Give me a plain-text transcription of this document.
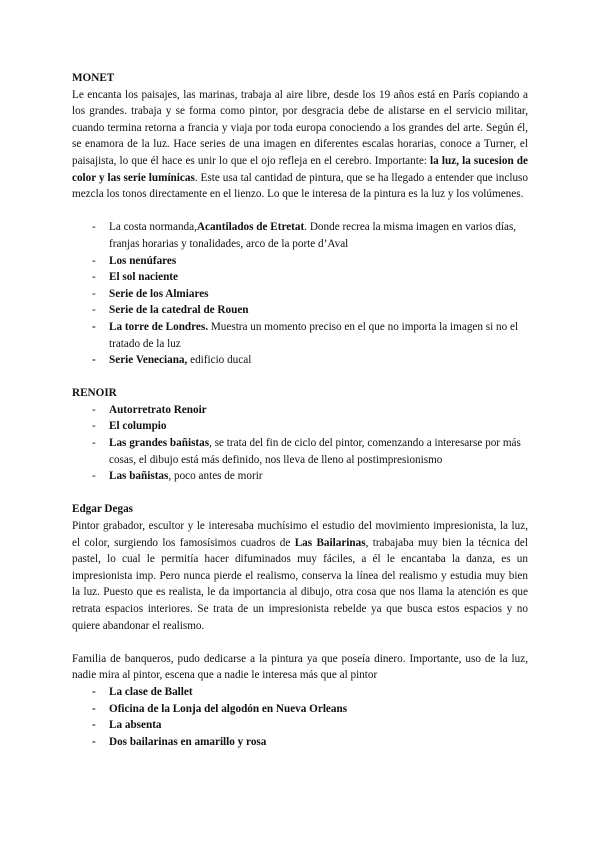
MONET

Le encanta los paisajes, las marinas, trabaja al aire libre, desde los 19 años está en París copiando a los grandes. trabaja y se forma como pintor, por desgracia debe de alistarse en el servicio militar, cuando termina retorna a francia y viaja por toda europa conociendo a los grandes del arte. Según él, se enamora de la luz. Hace series de una imagen en diferentes escalas horarias, conoce a Turner, el paisajista, lo que él hace es unir lo que el ojo refleja en el cerebro. Importante: la luz, la sucesion de color y las serie lumínicas. Este usa tal cantidad de pintura, que se ha llegado a entender que incluso mezcla los tonos directamente en el lienzo. Lo que le interesa de la pintura es la luz y los volúmenes.

- La costa normanda,Acantilados de Etretat. Donde recrea la misma imagen en varios días, franjas horarias y tonalidades, arco de la porte d’Aval
- Los nenúfares
- El sol naciente
- Serie de los Almiares
- Serie de la catedral de Rouen
- La torre de Londres. Muestra un momento preciso en el que no importa la imagen si no el tratado de la luz
- Serie Veneciana, edificio ducal
RENOIR
- Autorretrato Renoir
- El columpio
- Las grandes bañistas, se trata del fin de ciclo del pintor, comenzando a interesarse por más cosas, el dibujo está más definido, nos lleva de lleno al postimpresionismo
- Las bañistas, poco antes de morir
Edgar Degas

Pintor grabador, escultor y le interesaba muchísimo el estudio del movimiento impresionista, la luz, el color, surgiendo los famosísimos cuadros de Las Bailarinas, trabajaba muy bien la técnica del pastel, lo cual le permitía hacer difuminados muy fáciles, a él le encantaba la danza, es un impresionista imp. Pero nunca pierde el realismo, conserva la línea del realismo y estudia muy bien la luz. Puesto que es realista, le da importancia al dibujo, otra cosa que nos llama la atención es que retrata espacios interiores. Se trata de un impresionista rebelde ya que busca estos espacios y no quiere abandonar el realismo.

Familia de banqueros, pudo dedicarse a la pintura ya que poseía dinero. Importante, uso de la luz, nadie mira al pintor, escena que a nadie le interesa más que al pintor

- La clase de Ballet
- Oficina de la Lonja del algodón en Nueva Orleans
- La absenta
- Dos bailarinas en amarillo y rosa
